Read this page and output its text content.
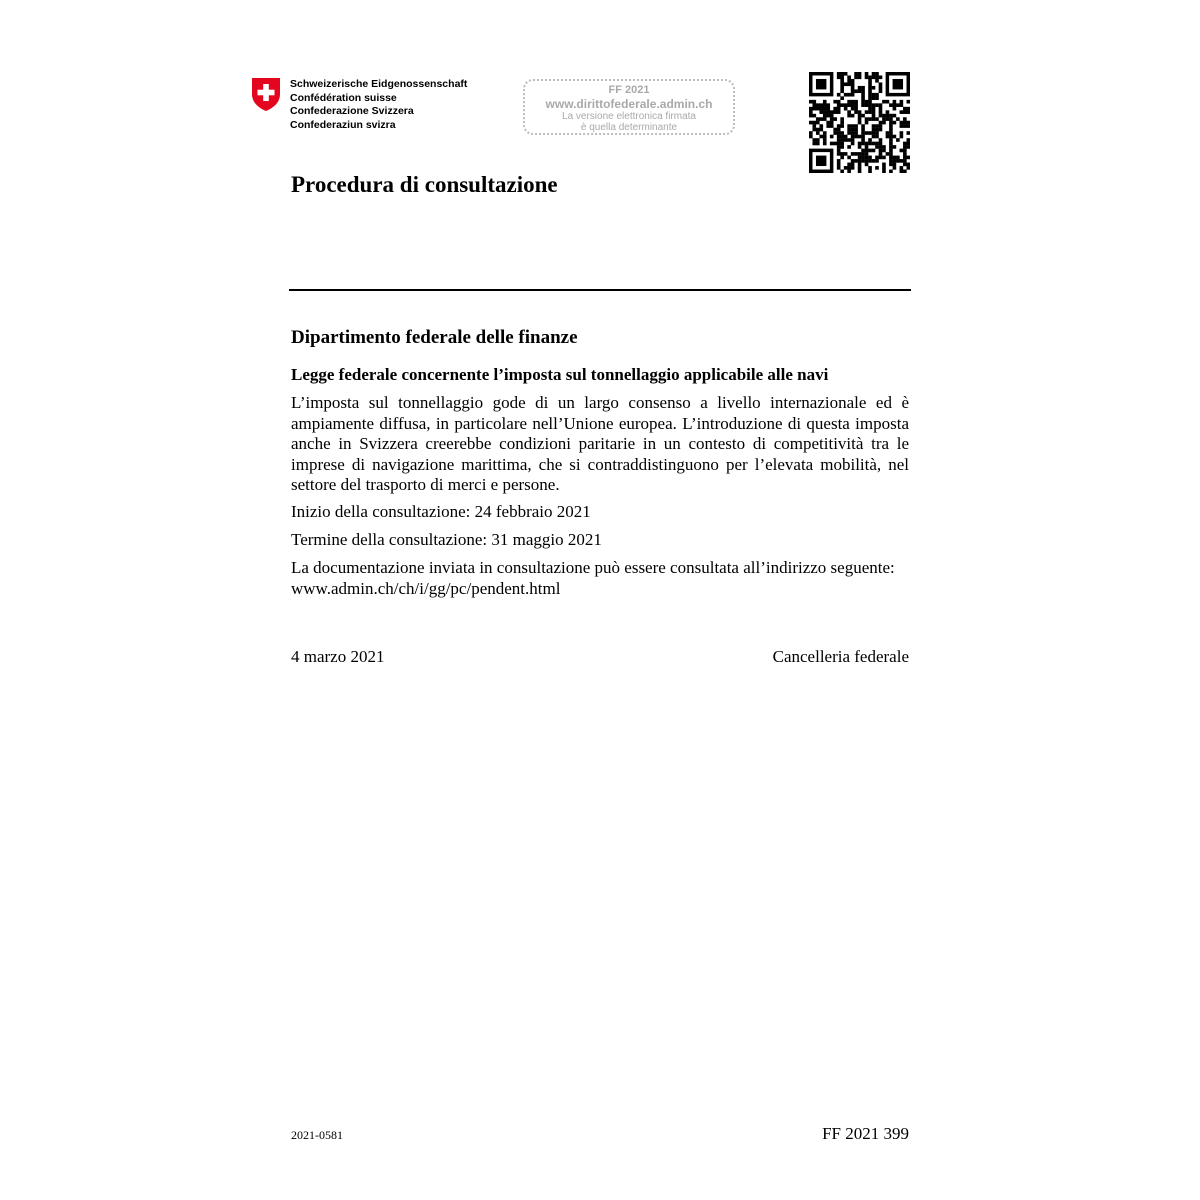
Schweizerische Eidgenossenschaft
Confédération suisse
Confederazione Svizzera
Confederaziun svizra
FF 2021
www.dirittofederale.admin.ch
La versione elettronica firmata
è quella determinante
Procedura di consultazione
Dipartimento federale delle finanze
Legge federale concernente l’imposta sul tonnellaggio applicabile alle navi

L’imposta sul tonnellaggio gode di un largo consenso a livello internazionale ed è ampiamente diffusa, in particolare nell’Unione europea. L’introduzione di questa imposta anche in Svizzera creerebbe condizioni paritarie in un contesto di competitività tra le imprese di navigazione marittima, che si contraddistinguono per l’elevata mobilità, nel settore del trasporto di merci e persone.

Inizio della consultazione: 24 febbraio 2021

Termine della consultazione: 31 maggio 2021

La documentazione inviata in consultazione può essere consultata all’indirizzo seguente: www.admin.ch/ch/i/gg/pc/pendent.html

4 marzo 2021	Cancelleria federale
2021-0581	FF 2021 399
